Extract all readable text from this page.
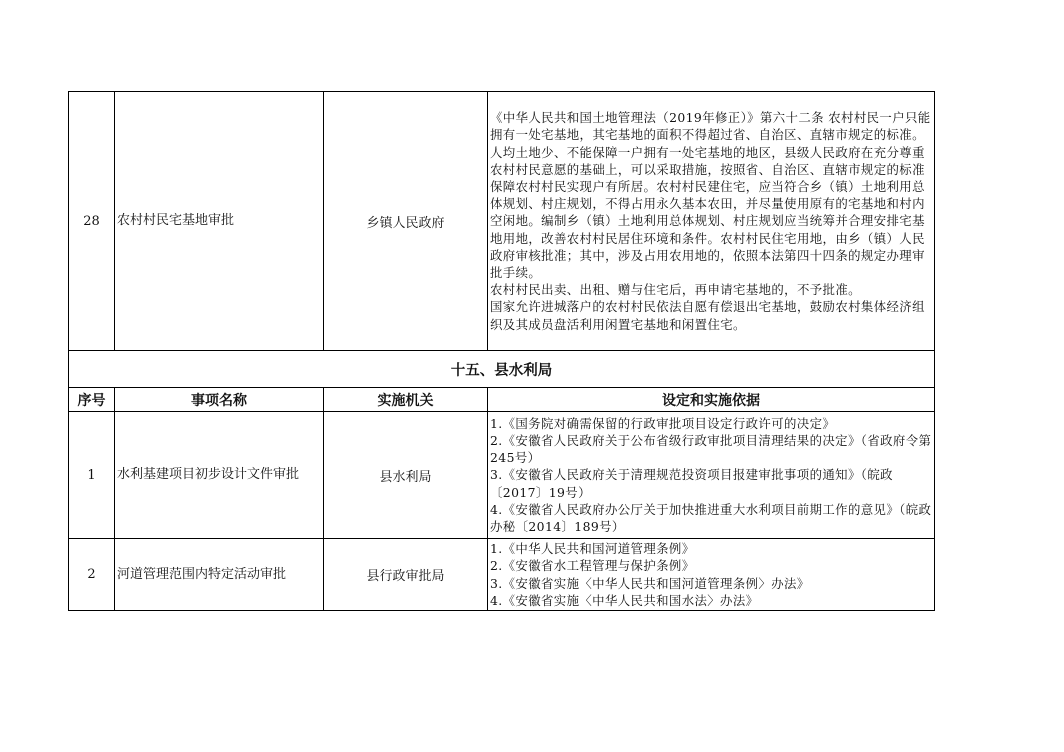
28	农村村民宅基地审批	乡镇人民政府	《中华人民共和国土地管理法（2019年修正）》第六十二条 农村村民一户只能拥有一处宅基地，其宅基地的面积不得超过省、自治区、直辖市规定的标准。人均土地少、不能保障一户拥有一处宅基地的地区，县级人民政府在充分尊重农村村民意愿的基础上，可以采取措施，按照省、自治区、直辖市规定的标准保障农村村民实现户有所居。农村村民建住宅，应当符合乡（镇）土地利用总体规划、村庄规划，不得占用永久基本农田，并尽量使用原有的宅基地和村内空闲地。编制乡（镇）土地利用总体规划、村庄规划应当统筹并合理安排宅基地用地，改善农村村民居住环境和条件。农村村民住宅用地，由乡（镇）人民政府审核批准；其中，涉及占用农用地的，依照本法第四十四条的规定办理审批手续。

农村村民出卖、出租、赠与住宅后，再申请宅基地的，不予批准。

国家允许进城落户的农村村民依法自愿有偿退出宅基地，鼓励农村集体经济组织及其成员盘活利用闲置宅基地和闲置住宅。

十五、县水利局			
序号	事项名称	实施机关	设定和实施依据
1	水利基建项目初步设计文件审批	县水利局	1.《国务院对确需保留的行政审批项目设定行政许可的决定》
2.《安徽省人民政府关于公布省级行政审批项目清理结果的决定》（省政府令第245号）
3.《安徽省人民政府关于清理规范投资项目报建审批事项的通知》（皖政〔2017〕19号）
4.《安徽省人民政府办公厅关于加快推进重大水利项目前期工作的意见》（皖政办秘〔2014〕189号）

2	河道管理范围内特定活动审批	县行政审批局	1.《中华人民共和国河道管理条例》
2.《安徽省水工程管理与保护条例》
3.《安徽省实施〈中华人民共和国河道管理条例〉办法》
4.《安徽省实施〈中华人民共和国水法〉办法》
